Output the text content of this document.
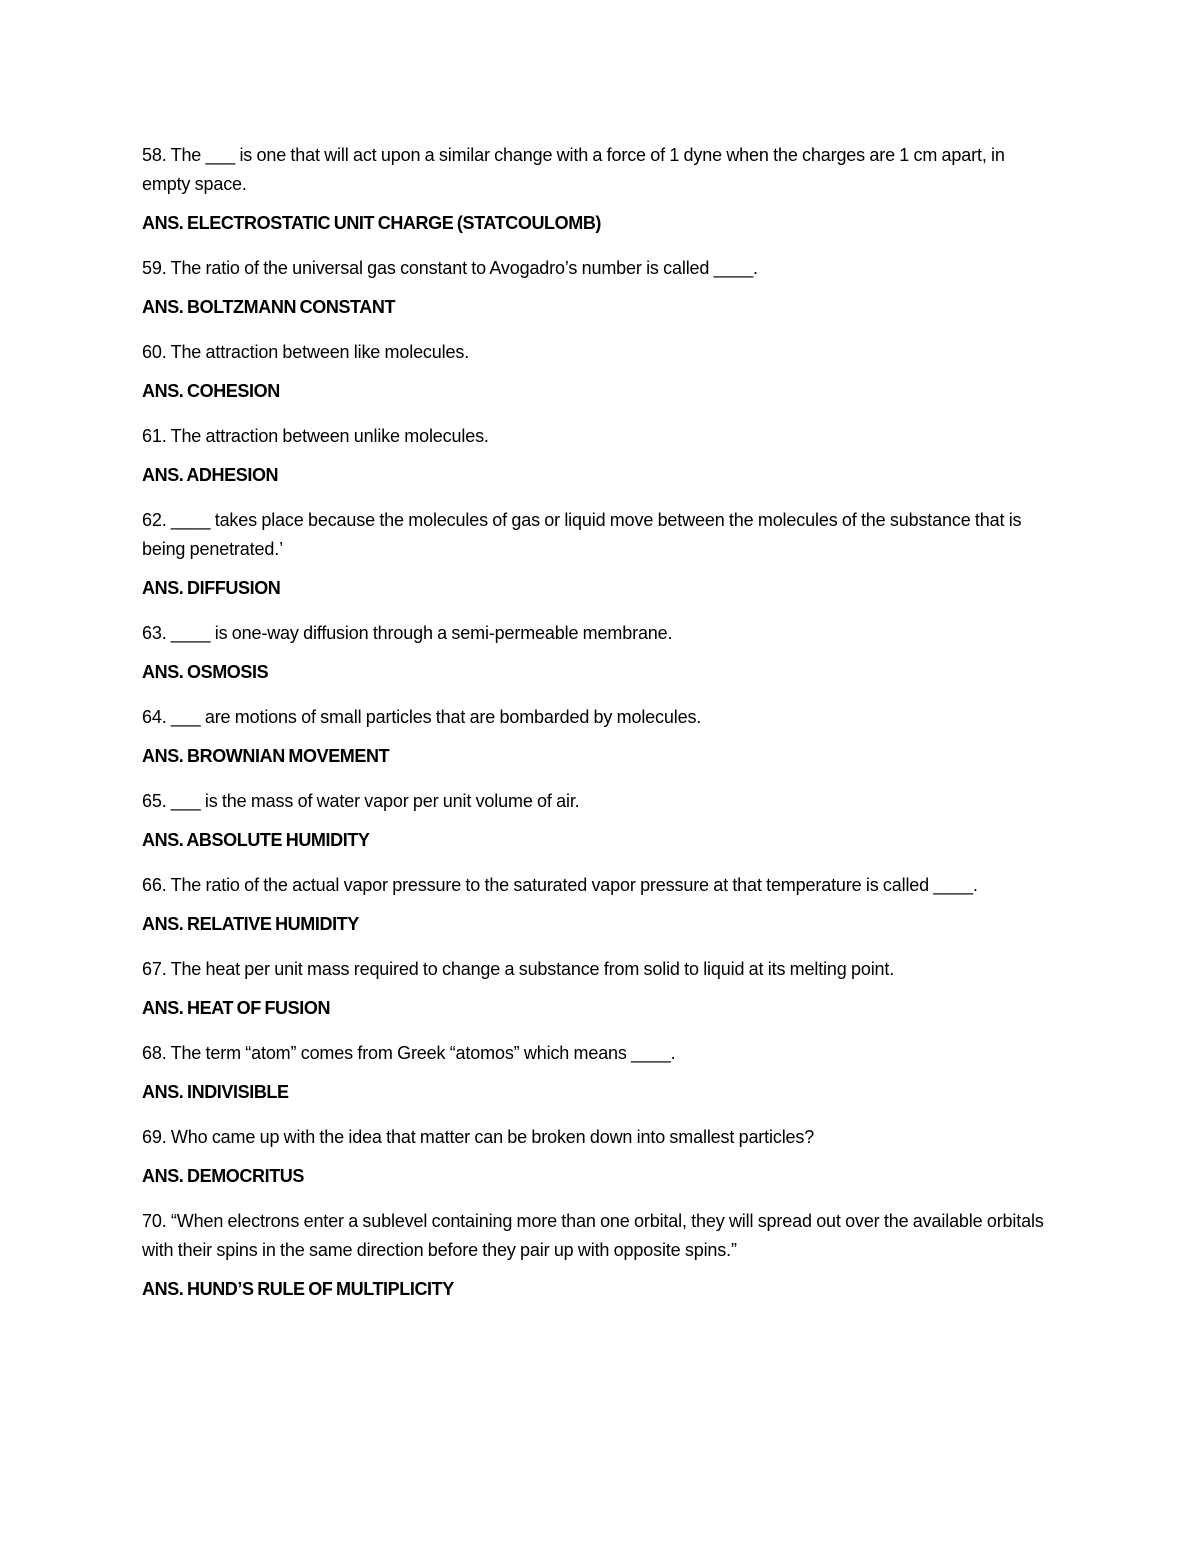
58. The ___ is one that will act upon a similar change with a force of 1 dyne when the charges are 1 cm apart, in empty space.

ANS. ELECTROSTATIC UNIT CHARGE (STATCOULOMB)

59. The ratio of the universal gas constant to Avogadro’s number is called ____.

ANS. BOLTZMANN CONSTANT

60. The attraction between like molecules.

ANS. COHESION

61. The attraction between unlike molecules.

ANS. ADHESION

62. ____ takes place because the molecules of gas or liquid move between the molecules of the substance that is being penetrated.’

ANS. DIFFUSION

63. ____ is one-way diffusion through a semi-permeable membrane.

ANS. OSMOSIS

64. ___ are motions of small particles that are bombarded by molecules.

ANS. BROWNIAN MOVEMENT

65. ___ is the mass of water vapor per unit volume of air.

ANS. ABSOLUTE HUMIDITY

66. The ratio of the actual vapor pressure to the saturated vapor pressure at that temperature is called ____.

ANS. RELATIVE HUMIDITY

67. The heat per unit mass required to change a substance from solid to liquid at its melting point.

ANS. HEAT OF FUSION

68. The term “atom” comes from Greek “atomos” which means ____.

ANS. INDIVISIBLE

69. Who came up with the idea that matter can be broken down into smallest particles?

ANS. DEMOCRITUS

70. “When electrons enter a sublevel containing more than one orbital, they will spread out over the available orbitals with their spins in the same direction before they pair up with opposite spins.”

ANS. HUND’S RULE OF MULTIPLICITY
